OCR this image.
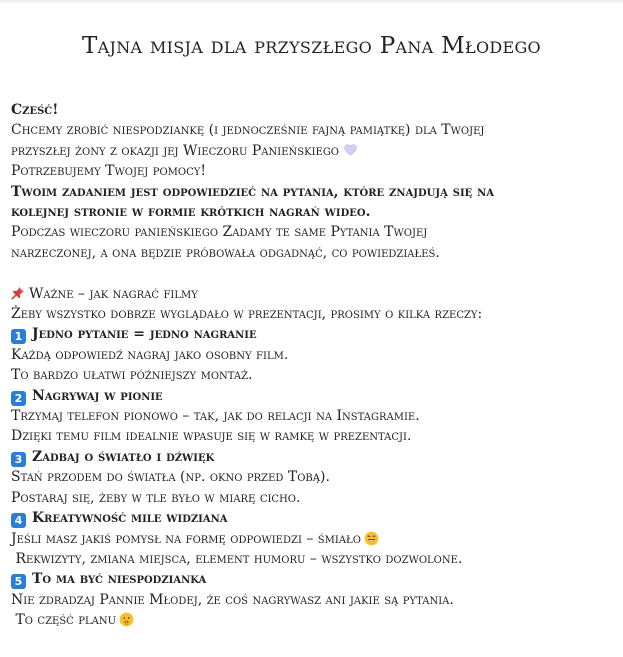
Tajna misja dla przyszłego Pana Młodego
Cześć!
Chcemy zrobić niespodziankę (i jednocześnie fajną pamiątkę) dla Twojej
przyszłej żony z okazji jej Wieczoru Panieńskiego
Potrzebujemy Twojej pomocy!
Twoim zadaniem jest odpowiedzieć na pytania, które znajdują się na
kolejnej stronie w formie krótkich nagrań wideo.
Podczas wieczoru panieńskiego Zadamy te same Pytania Twojej
narzeczonej, a ona będzie próbowała odgadnąć, co powiedziałeś.
Ważne – jak nagrać filmy
Żeby wszystko dobrze wyglądało w prezentacji, prosimy o kilka rzeczy:
1 Jedno pytanie = jedno nagranie
Każdą odpowiedź nagraj jako osobny film.
To bardzo ułatwi późniejszy montaż.
2 Nagrywaj w pionie
Trzymaj telefon pionowo – tak, jak do relacji na Instagramie.
Dzięki temu film idealnie wpasuje się w ramkę w prezentacji.
3 Zadbaj o światło i dźwięk
Stań przodem do światła (np. okno przed Tobą).
Postaraj się, żeby w tle było w miarę cicho.
4 Kreatywność mile widziana
Jeśli masz jakiś pomysł na formę odpowiedzi – śmiało
Rekwizyty, zmiana miejsca, element humoru – wszystko dozwolone.
5 To ma być niespodzianka
Nie zdradzaj Pannie Młodej, że coś nagrywasz ani jakie są pytania.
To część planu
